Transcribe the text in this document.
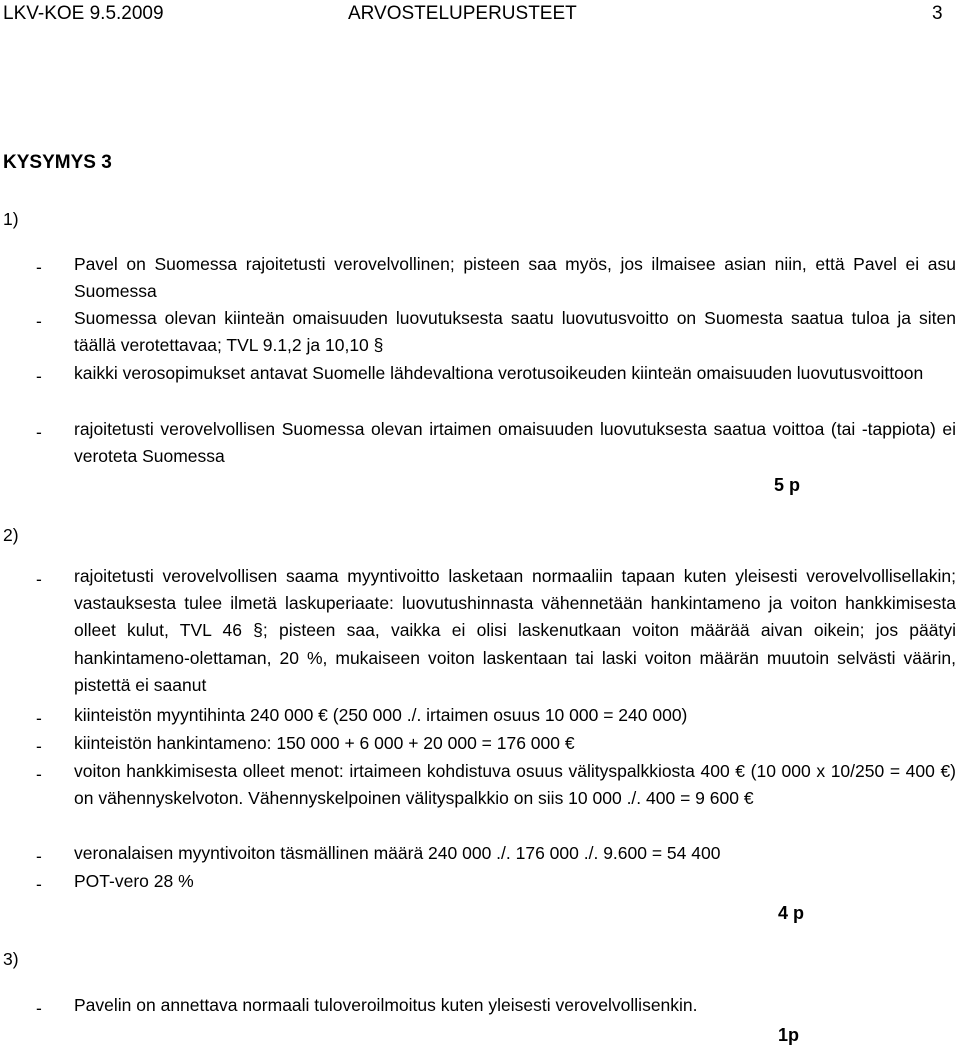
LKV-KOE 9.5.2009	ARVOSTELUPERUSTEET	3
KYSYMYS 3
1)
- Pavel on Suomessa rajoitetusti verovelvollinen; pisteen saa myös, jos ilmaisee asian niin, että Pavel ei asu Suomessa
- Suomessa olevan kiinteän omaisuuden luovutuksesta saatu luovutusvoitto on Suomesta saatua tuloa ja siten täällä verotettavaa; TVL 9.1,2 ja 10,10 §
- kaikki verosopimukset antavat Suomelle lähdevaltiona verotusoikeuden kiinteän omaisuuden luovutusvoittoon
- rajoitetusti verovelvollisen Suomessa olevan irtaimen omaisuuden luovutuksesta saatua voittoa (tai -tappiota) ei veroteta Suomessa
5 p
2)
- rajoitetusti verovelvollisen saama myyntivoitto lasketaan normaaliin tapaan kuten yleisesti verovelvollisellakin; vastauksesta tulee ilmetä laskuperiaate: luovutushinnasta vähennetään hankintameno ja voiton hankkimisesta olleet kulut, TVL 46 §; pisteen saa, vaikka ei olisi laskenutkaan voiton määrää aivan oikein; jos päätyi hankintameno-olettaman, 20 %, mukaiseen voiton laskentaan tai laski voiton määrän muutoin selvästi väärin, pistettä ei saanut
- kiinteistön myyntihinta 240 000 € (250 000 ./. irtaimen osuus 10 000 = 240 000)
- kiinteistön hankintameno: 150 000 + 6 000 + 20 000 = 176 000 €
- voiton hankkimisesta olleet menot: irtaimeen kohdistuva osuus välityspalkkiosta 400 € (10 000 x 10/250 = 400 €) on vähennyskelvoton. Vähennyskelpoinen välityspalkkio on siis 10 000 ./. 400 = 9 600 €
- veronalaisen myyntivoiton täsmällinen määrä 240 000 ./. 176 000 ./. 9.600 = 54 400
- POT-vero 28 %
4 p
3)
- Pavelin on annettava normaali tuloveroilmoitus kuten yleisesti verovelvollisenkin.
1p
